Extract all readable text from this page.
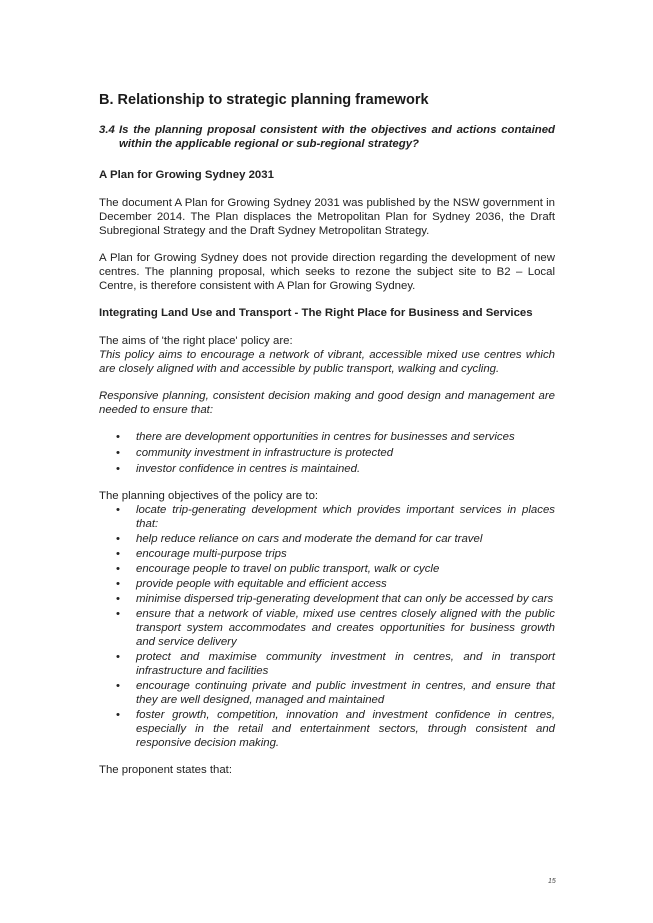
B. Relationship to strategic planning framework
3.4 Is the planning proposal consistent with the objectives and actions contained within the applicable regional or sub-regional strategy?
A Plan for Growing Sydney 2031

The document A Plan for Growing Sydney 2031 was published by the NSW government in December 2014. The Plan displaces the Metropolitan Plan for Sydney 2036, the Draft Subregional Strategy and the Draft Sydney Metropolitan Strategy.

A Plan for Growing Sydney does not provide direction regarding the development of new centres. The planning proposal, which seeks to rezone the subject site to B2 – Local Centre, is therefore consistent with A Plan for Growing Sydney.

Integrating Land Use and Transport - The Right Place for Business and Services

The aims of 'the right place' policy are:

This policy aims to encourage a network of vibrant, accessible mixed use centres which are closely aligned with and accessible by public transport, walking and cycling.

Responsive planning, consistent decision making and good design and management are needed to ensure that:

• there are development opportunities in centres for businesses and services
• community investment in infrastructure is protected
• investor confidence in centres is maintained.

The planning objectives of the policy are to:

• locate trip-generating development which provides important services in places that:
• help reduce reliance on cars and moderate the demand for car travel
• encourage multi-purpose trips
• encourage people to travel on public transport, walk or cycle
• provide people with equitable and efficient access
• minimise dispersed trip-generating development that can only be accessed by cars
• ensure that a network of viable, mixed use centres closely aligned with the public transport system accommodates and creates opportunities for business growth and service delivery
• protect and maximise community investment in centres, and in transport infrastructure and facilities
• encourage continuing private and public investment in centres, and ensure that they are well designed, managed and maintained
• foster growth, competition, innovation and investment confidence in centres, especially in the retail and entertainment sectors, through consistent and responsive decision making.

The proponent states that:

15
